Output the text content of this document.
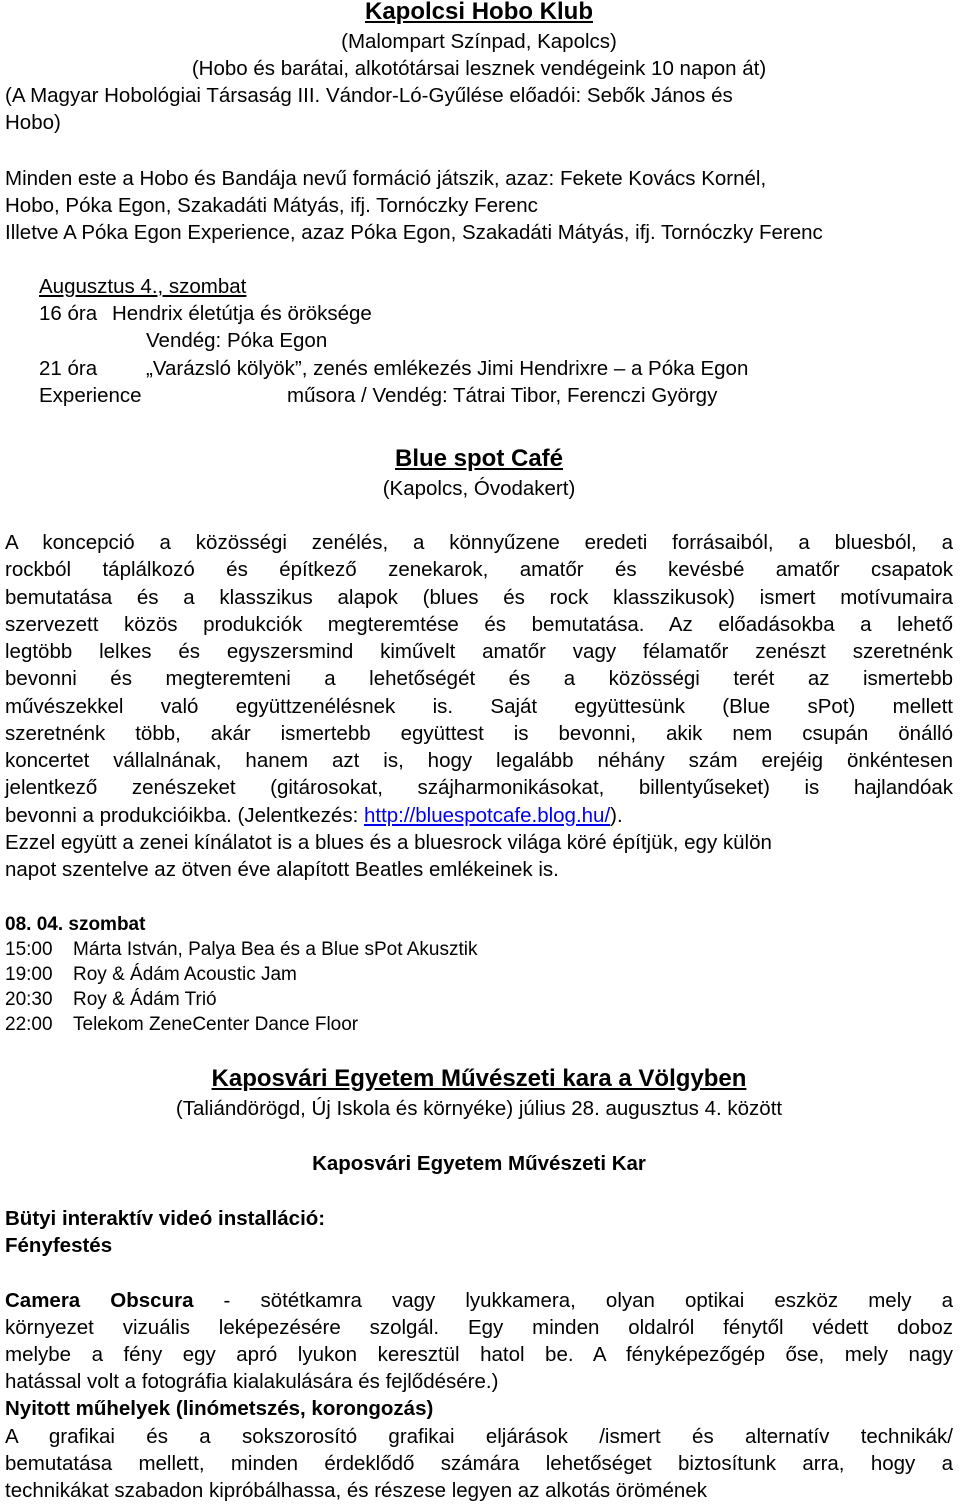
Kapolcsi Hobo Klub
(Malompart Színpad, Kapolcs)
(Hobo és barátai, alkotótársai lesznek vendégeink 10 napon át)
(A Magyar Hobológiai Társaság III. Vándor-Ló-Gyűlése előadói: Sebők János és
Hobo)
Minden este a Hobo és Bandája nevű formáció játszik, azaz: Fekete Kovács Kornél,
Hobo, Póka Egon, Szakadáti Mátyás, ifj. Tornóczky Ferenc
Illetve A Póka Egon Experience, azaz Póka Egon, Szakadáti Mátyás, ifj. Tornóczky Ferenc
Augusztus 4., szombat
16 óra Hendrix életútja és öröksége
Vendég: Póka Egon
21 óra „Varázsló kölyök”, zenés emlékezés Jimi Hendrixre – a Póka Egon
Experience	műsora / Vendég: Tátrai Tibor, Ferenczi György
Blue spot Café
(Kapolcs, Óvodakert)
A koncepció a közösségi zenélés, a könnyűzene eredeti forrásaiból, a bluesból, a
rockból táplálkozó és építkező zenekarok, amatőr és kevésbé amatőr csapatok
bemutatása és a klasszikus alapok (blues és rock klasszikusok) ismert motívumaira
szervezett közös produkciók megteremtése és bemutatása. Az előadásokba a lehető
legtöbb lelkes és egyszersmind kiművelt amatőr vagy félamatőr zenészt szeretnénk
bevonni és megteremteni a lehetőségét és a közösségi terét az ismertebb
művészekkel való együttzenélésnek is. Saját együttesünk (Blue sPot) mellett
szeretnénk több, akár ismertebb együttest is bevonni, akik nem csupán önálló
koncertet vállalnának, hanem azt is, hogy legalább néhány szám erejéig önkéntesen
jelentkező zenészeket (gitárosokat, szájharmonikásokat, billentyűseket) is hajlandóak
bevonni a produkcióikba. (Jelentkezés: http://bluespotcafe.blog.hu/).
Ezzel együtt a zenei kínálatot is a blues és a bluesrock világa köré építjük, egy külön
napot szentelve az ötven éve alapított Beatles emlékeinek is.
08. 04. szombat
15:00 Márta István, Palya Bea és a Blue sPot Akusztik
19:00 Roy & Ádám Acoustic Jam
20:30 Roy & Ádám Trió
22:00 Telekom ZeneCenter Dance Floor
Kaposvári Egyetem Művészeti kara a Völgyben
(Taliándörögd, Új Iskola és környéke) július 28. augusztus 4. között
Kaposvári Egyetem Művészeti Kar
Bütyi interaktív videó installáció:
Fényfestés
Camera Obscura - sötétkamra vagy lyukkamera, olyan optikai eszköz mely a
környezet vizuális leképezésére szolgál. Egy minden oldalról fénytől védett doboz
melybe a fény egy apró lyukon keresztül hatol be. A fényképezőgép őse, mely nagy
hatással volt a fotográfia kialakulására és fejlődésére.)
Nyitott műhelyek (linómetszés, korongozás)
A grafikai és a sokszorosító grafikai eljárások /ismert és alternatív technikák/
bemutatása mellett, minden érdeklődő számára lehetőséget biztosítunk arra, hogy a
technikákat szabadon kipróbálhassa, és részese legyen az alkotás örömének
